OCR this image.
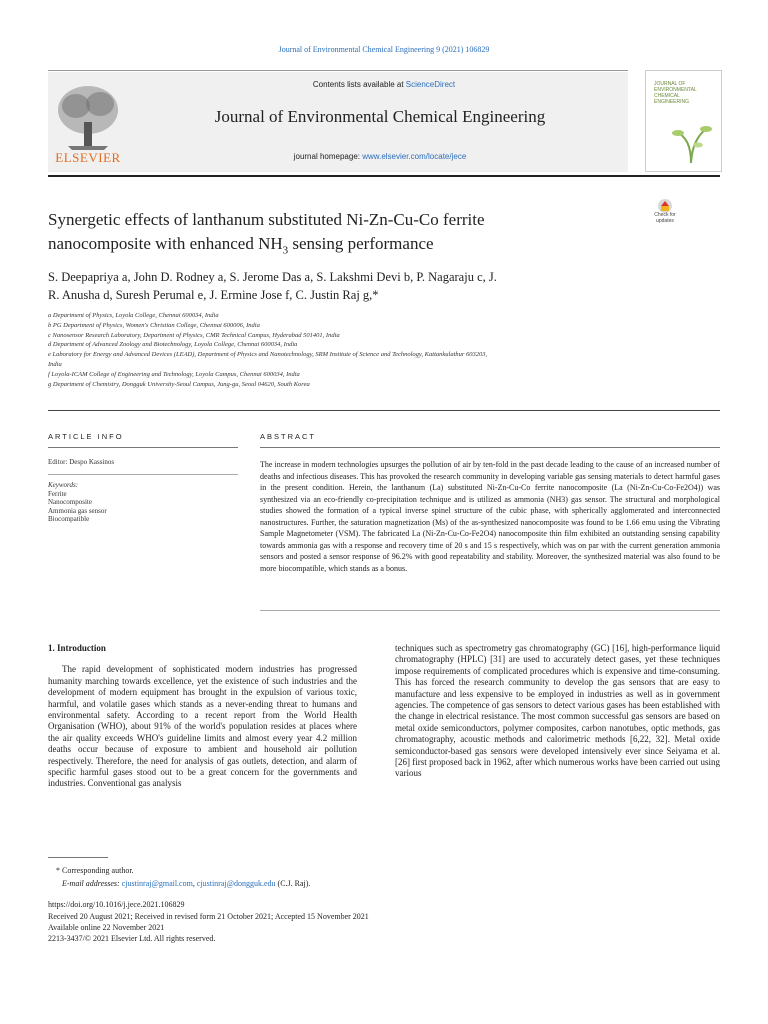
Journal of Environmental Chemical Engineering 9 (2021) 106829
ELSEVIER
Contents lists available at ScienceDirect
Journal of Environmental Chemical Engineering
journal homepage: www.elsevier.com/locate/jece
JOURNAL OF
ENVIRONMENTAL
CHEMICAL
ENGINEERING
Check for updates
Synergetic effects of lanthanum substituted Ni-Zn-Cu-Co ferrite
nanocomposite with enhanced $NH_3$ sensing performance
S. Deepapriya a, John D. Rodney a, S. Jerome Das a, S. Lakshmi Devi b, P. Nagaraju c, J.
R. Anusha d, Suresh Perumal e, J. Ermine Jose f, C. Justin Raj g,*
a Department of Physics, Loyola College, Chennai 600034, India
b PG Department of Physics, Women's Christian College, Chennai 600006, India
c Nanosensor Research Laboratory, Department of Physics, CMR Technical Campus, Hyderabad 501401, India
d Department of Advanced Zoology and Biotechnology, Loyola College, Chennai 600034, India
e Laboratory for Energy and Advanced Devices (LEAD), Department of Physics and Nanotechnology, SRM Institute of Science and Technology, Kattankulathur 603203,
India
f Loyola-ICAM College of Engineering and Technology, Loyola Campus, Chennai 600034, India
g Department of Chemistry, Dongguk University-Seoul Campus, Jung-gu, Seoul 04620, South Korea
ARTICLE INFO
Editor: Despo Kassinos
Keywords:
Ferrite
Nanocomposite
Ammonia gas sensor
Biocompatible
ABSTRACT
The increase in modern technologies upsurges the pollution of air by ten-fold in the past decade leading to the cause of an increased number of deaths and infectious diseases. This has provoked the research community in developing variable gas sensing materials to detect harmful gases in the present condition. Herein, the lanthanum (La) substituted Ni-Zn-Cu-Co ferrite nanocomposite (La (Ni-Zn-Cu-Co-Fe2O4)) was synthesized via an eco-friendly co-precipitation technique and is utilized as ammonia (NH3) gas sensor. The structural and morphological studies showed the formation of a typical inverse spinel structure of the cubic phase, with spherically agglomerated and interconnected nanostructures. Further, the saturation magnetization (Ms) of the as-synthesized nanocomposite was found to be 1.66 emu using the Vibrating Sample Magnetometer (VSM). The fabricated La (Ni-Zn-Cu-Co-Fe2O4) nanocomposite thin film exhibited an outstanding sensing capability towards ammonia gas with a response and recovery time of 20 s and 15 s respectively, which was on par with the current generation ammonia sensors and posted a sensor response of 96.2% with good repeatability and stability. Moreover, the synthesized material was also found to be more biocompatible, which stands as a bonus.
1. Introduction

The rapid development of sophisticated modern industries has progressed humanity marching towards excellence, yet the existence of such industries and the development of modern equipment has brought in the expulsion of various toxic, harmful, and volatile gases which stands as a never-ending threat to humans and environmental safety. According to a recent report from the World Health Organisation (WHO), about 91% of the world's population resides at places where the air quality exceeds WHO's guideline limits and almost every year 4.2 million deaths occur because of exposure to ambient and household air pollution respectively. Therefore, the need for analysis of gas outlets, detection, and alarm of specific harmful gases stood out to be a great concern for the governments and industries. Conventional gas analysis

techniques such as spectrometry gas chromatography (GC) [16], high-performance liquid chromatography (HPLC) [31] are used to accurately detect gases, yet these techniques impose requirements of complicated procedures which is expensive and time-consuming. This has forced the research community to develop the gas sensors that are easy to manufacture and less expensive to be employed in industries as well as in government agencies. The competence of gas sensors to detect various gases has been established with the change in electrical resistance. The most common successful gas sensors are based on metal oxide semiconductors, polymer composites, carbon nanotubes, optic methods, gas chromatography, acoustic methods and calorimetric methods [6,22, 32]. Metal oxide semiconductor-based gas sensors were developed intensively ever since Seiyama et al. [26] first proposed back in 1962, after which numerous works have been carried out using various

* Corresponding author.
E-mail addresses: cjustinraj@gmail.com, cjustinraj@dongguk.edu (C.J. Raj).
https://doi.org/10.1016/j.jece.2021.106829
Received 20 August 2021; Received in revised form 21 October 2021; Accepted 15 November 2021
Available online 22 November 2021
2213-3437/© 2021 Elsevier Ltd. All rights reserved.
